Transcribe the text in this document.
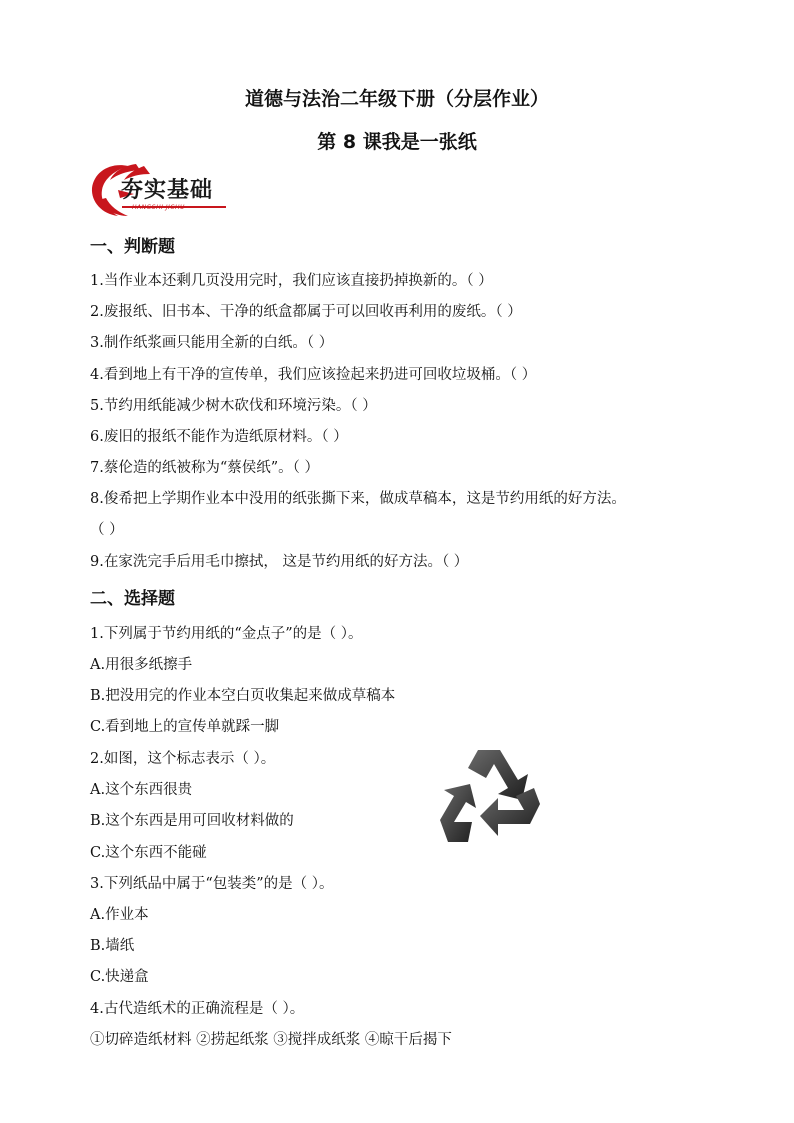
道德与法治二年级下册（分层作业）
第 8 课我是一张纸
夯实基础
HANGSHI JICHU
一、判断题
1.当作业本还剩几页没用完时，我们应该直接扔掉换新的。（ ）
2.废报纸、旧书本、干净的纸盒都属于可以回收再利用的废纸。（ ）
3.制作纸浆画只能用全新的白纸。（ ）
4.看到地上有干净的宣传单，我们应该捡起来扔进可回收垃圾桶。（ ）
5.节约用纸能减少树木砍伐和环境污染。（ ）
6.废旧的报纸不能作为造纸原材料。（ ）
7.蔡伦造的纸被称为“蔡侯纸”。（ ）
8.俊希把上学期作业本中没用的纸张撕下来，做成草稿本，这是节约用纸的好方法。
（ ）
9.在家洗完手后用毛巾擦拭， 这是节约用纸的好方法。（ ）
二、选择题
1.下列属于节约用纸的“金点子”的是（ ）。
A.用很多纸擦手
B.把没用完的作业本空白页收集起来做成草稿本
C.看到地上的宣传单就踩一脚
2.如图，这个标志表示（ ）。
A.这个东西很贵
B.这个东西是用可回收材料做的
C.这个东西不能碰
3.下列纸品中属于“包装类”的是（ ）。
A.作业本
B.墙纸
C.快递盒
4.古代造纸术的正确流程是（ ）。
①切碎造纸材料 ②捞起纸浆 ③搅拌成纸浆 ④晾干后揭下
